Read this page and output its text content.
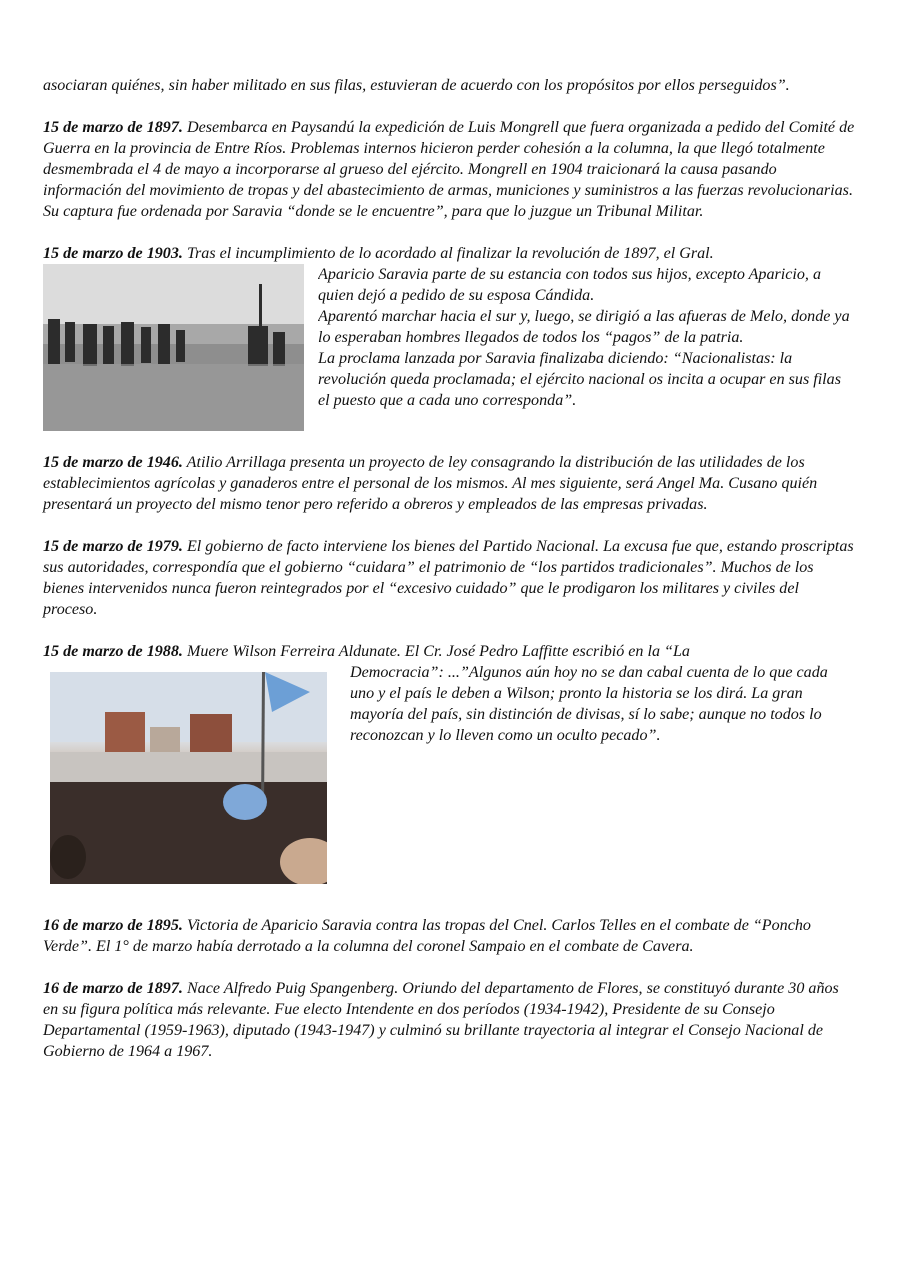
asociaran quiénes, sin haber militado en sus filas, estuvieran de acuerdo con los propósitos por ellos perseguidos”.

15 de marzo de 1897. Desembarca en Paysandú la expedición de Luis Mongrell que fuera organizada a pedido del Comité de Guerra en la provincia de Entre Ríos. Problemas internos hicieron perder cohesión a la columna, la que llegó totalmente desmembrada el 4 de mayo a incorporarse al grueso del ejército. Mongrell en 1904 traicionará la causa pasando información del movimiento de tropas y del abastecimiento de armas, municiones y suministros a las fuerzas revolucionarias. Su captura fue ordenada por Saravia “donde se le encuentre”, para que lo juzgue un Tribunal Militar.

15 de marzo de 1903. Tras el incumplimiento de lo acordado al finalizar la revolución de 1897, el Gral.
Aparicio Saravia parte de su estancia con todos sus hijos, excepto Aparicio, a quien dejó a pedido de su esposa Cándida.
Aparentó marchar hacia el sur y, luego, se dirigió a las afueras de Melo, donde ya lo esperaban hombres llegados de todos los “pagos” de la patria.
La proclama lanzada por Saravia finalizaba diciendo: “Nacionalistas: la revolución queda proclamada; el ejército nacional os incita a ocupar en sus filas el puesto que a cada uno corresponda”.

15 de marzo de 1946. Atilio Arrillaga presenta un proyecto de ley consagrando la distribución de las utilidades de los establecimientos agrícolas y ganaderos entre el personal de los mismos. Al mes siguiente, será Angel Ma. Cusano quién presentará un proyecto del mismo tenor pero referido a obreros y empleados de las empresas privadas.

15 de marzo de 1979. El gobierno de facto interviene los bienes del Partido Nacional. La excusa fue que, estando proscriptas sus autoridades, correspondía que el gobierno “cuidara” el patrimonio de “los partidos tradicionales”. Muchos de los bienes intervenidos nunca fueron reintegrados por el “excesivo cuidado” que le prodigaron los militares y civiles del proceso.

15 de marzo de 1988. Muere Wilson Ferreira Aldunate. El Cr. José Pedro Laffitte escribió en la “La
Democracia”: ...”Algunos aún hoy no se dan cabal cuenta de lo que cada uno y el país le deben a Wilson; pronto la historia se los dirá. La gran mayoría del país, sin distinción de divisas, sí lo sabe; aunque no todos lo reconozcan y lo lleven como un oculto pecado”.

16 de marzo de 1895. Victoria de Aparicio Saravia contra las tropas del Cnel. Carlos Telles en el combate de “Poncho Verde”. El 1° de marzo había derrotado a la columna del coronel Sampaio en el combate de Cavera.

16 de marzo de 1897. Nace Alfredo Puig Spangenberg. Oriundo del departamento de Flores, se constituyó durante 30 años en su figura política más relevante. Fue electo Intendente en dos períodos (1934-1942), Presidente de su Consejo Departamental (1959-1963), diputado (1943-1947) y culminó su brillante trayectoria al integrar el Consejo Nacional de Gobierno de 1964 a 1967.
